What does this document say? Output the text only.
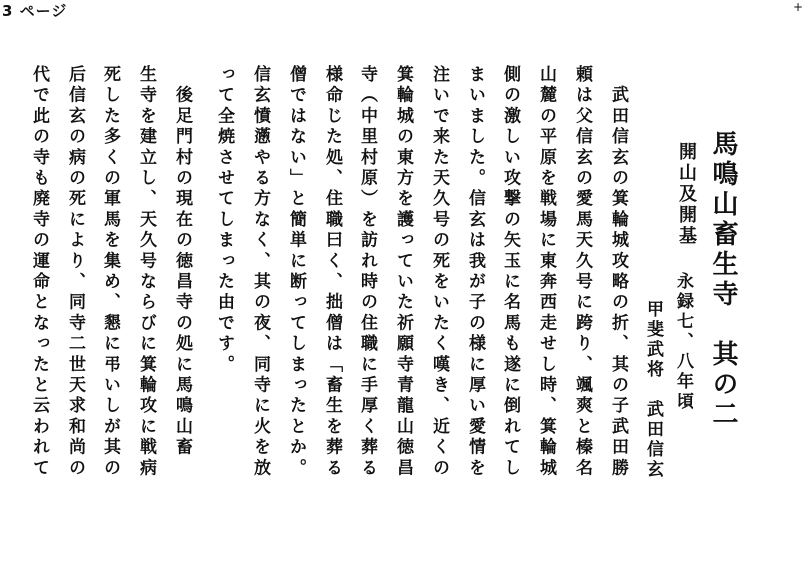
3 ページ	+
馬鳴山畜生寺　其の二
開山及開基
永録七、八年頃
甲斐武将　武田信玄
　武田信玄の箕輪城攻略の折、其の子武田勝
頼は父信玄の愛馬天久号に跨り、颯爽と榛名
山麓の平原を戦場に東奔西走せし時、箕輪城
側の激しい攻撃の矢玉に名馬も遂に倒れてし
まいました。信玄は我が子の様に厚い愛情を
注いで来た天久号の死をいたく嘆き、近くの
箕輪城の東方を護っていた祈願寺青龍山徳昌
寺（中里村原）を訪れ時の住職に手厚く葬る
様命じた処、住職曰く、拙僧は「畜生を葬る
僧ではない」と簡単に断ってしまったとか。
信玄憤懣やる方なく、其の夜、同寺に火を放
って全焼させてしまった由です。
　後足門村の現在の徳昌寺の処に馬鳴山畜
生寺を建立し、天久号ならびに箕輪攻に戦病
死した多くの軍馬を集め、懇に弔いしが其の
后信玄の病の死により、同寺二世天求和尚の
代で此の寺も廃寺の運命となったと云われて
